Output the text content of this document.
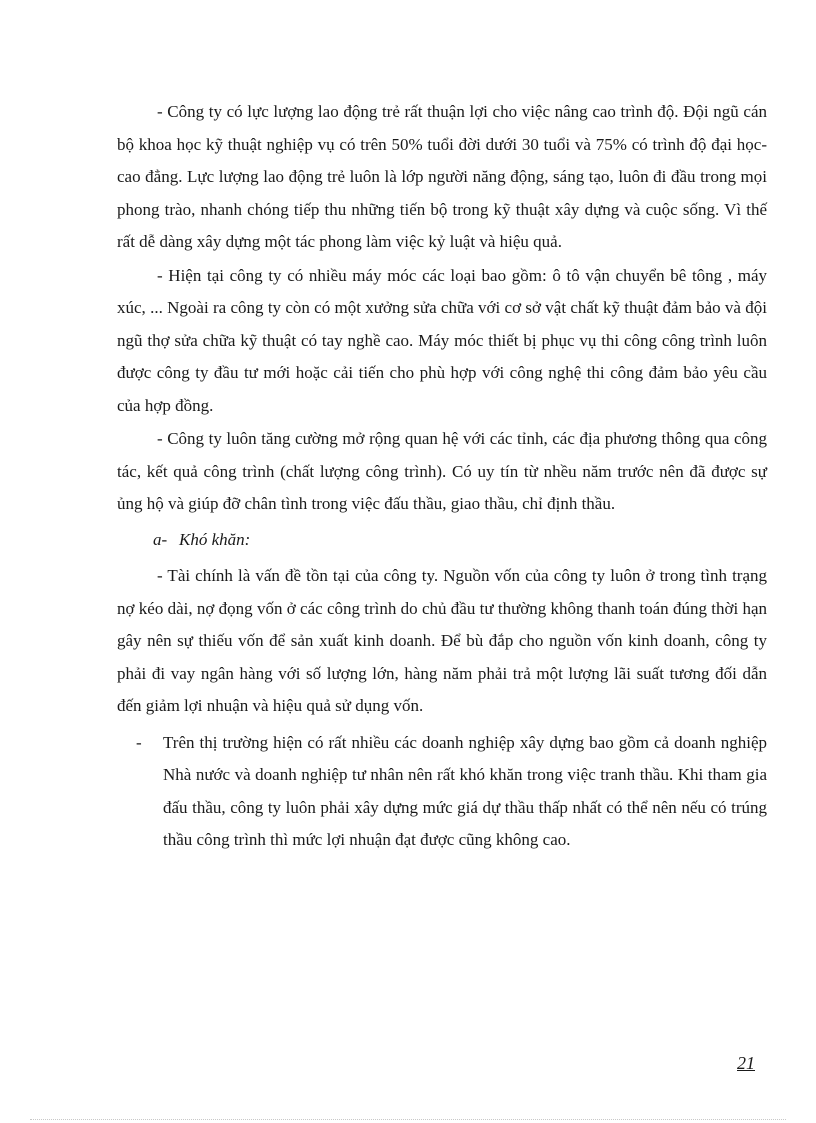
- Công ty có lực lượng lao động trẻ rất thuận lợi cho việc nâng cao trình độ. Đội ngũ cán bộ khoa học kỹ thuật nghiệp vụ có trên 50% tuổi đời dưới 30 tuổi và 75% có trình độ đại học- cao đẳng. Lực lượng lao động trẻ luôn là lớp người năng động, sáng tạo, luôn đi đầu trong mọi phong trào, nhanh chóng tiếp thu những tiến bộ trong kỹ thuật xây dựng và cuộc sống. Vì thế rất dễ dàng xây dựng một tác phong làm việc kỷ luật và hiệu quả.

- Hiện tại công ty có nhiều máy móc các loại bao gồm: ô tô vận chuyển bê tông , máy xúc, ... Ngoài ra công ty còn có một xưởng sửa chữa với cơ sở vật chất kỹ thuật đảm bảo và đội ngũ thợ sửa chữa kỹ thuật có tay nghề cao. Máy móc thiết bị phục vụ thi công công trình luôn được công ty đầu tư mới hoặc cải tiến cho phù hợp với công nghệ thi công đảm bảo yêu cầu của hợp đồng.

- Công ty luôn tăng cường mở rộng quan hệ với các tỉnh, các địa phương thông qua công tác, kết quả công trình (chất lượng công trình). Có uy tín từ nhều năm trước nên đã được sự ủng hộ và giúp đỡ chân tình trong việc đấu thầu, giao thầu, chỉ định thầu.

a- Khó khăn:

- Tài chính là vấn đề tồn tại của công ty. Nguồn vốn của công ty luôn ở trong tình trạng nợ kéo dài, nợ đọng vốn ở các công trình do chủ đầu tư thường không thanh toán đúng thời hạn gây nên sự thiếu vốn để sản xuất kinh doanh. Để bù đắp cho nguồn vốn kinh doanh, công ty phải đi vay ngân hàng với số lượng lớn, hàng năm phải trả một lượng lãi suất tương đối dẫn đến giảm lợi nhuận và hiệu quả sử dụng vốn.

- Trên thị trường hiện có rất nhiều các doanh nghiệp xây dựng bao gồm cả doanh nghiệp Nhà nước và doanh nghiệp tư nhân nên rất khó khăn trong việc tranh thầu. Khi tham gia đấu thầu, công ty luôn phải xây dựng mức giá dự thầu thấp nhất có thể nên nếu có trúng thầu công trình thì mức lợi nhuận đạt được cũng không cao.
21
